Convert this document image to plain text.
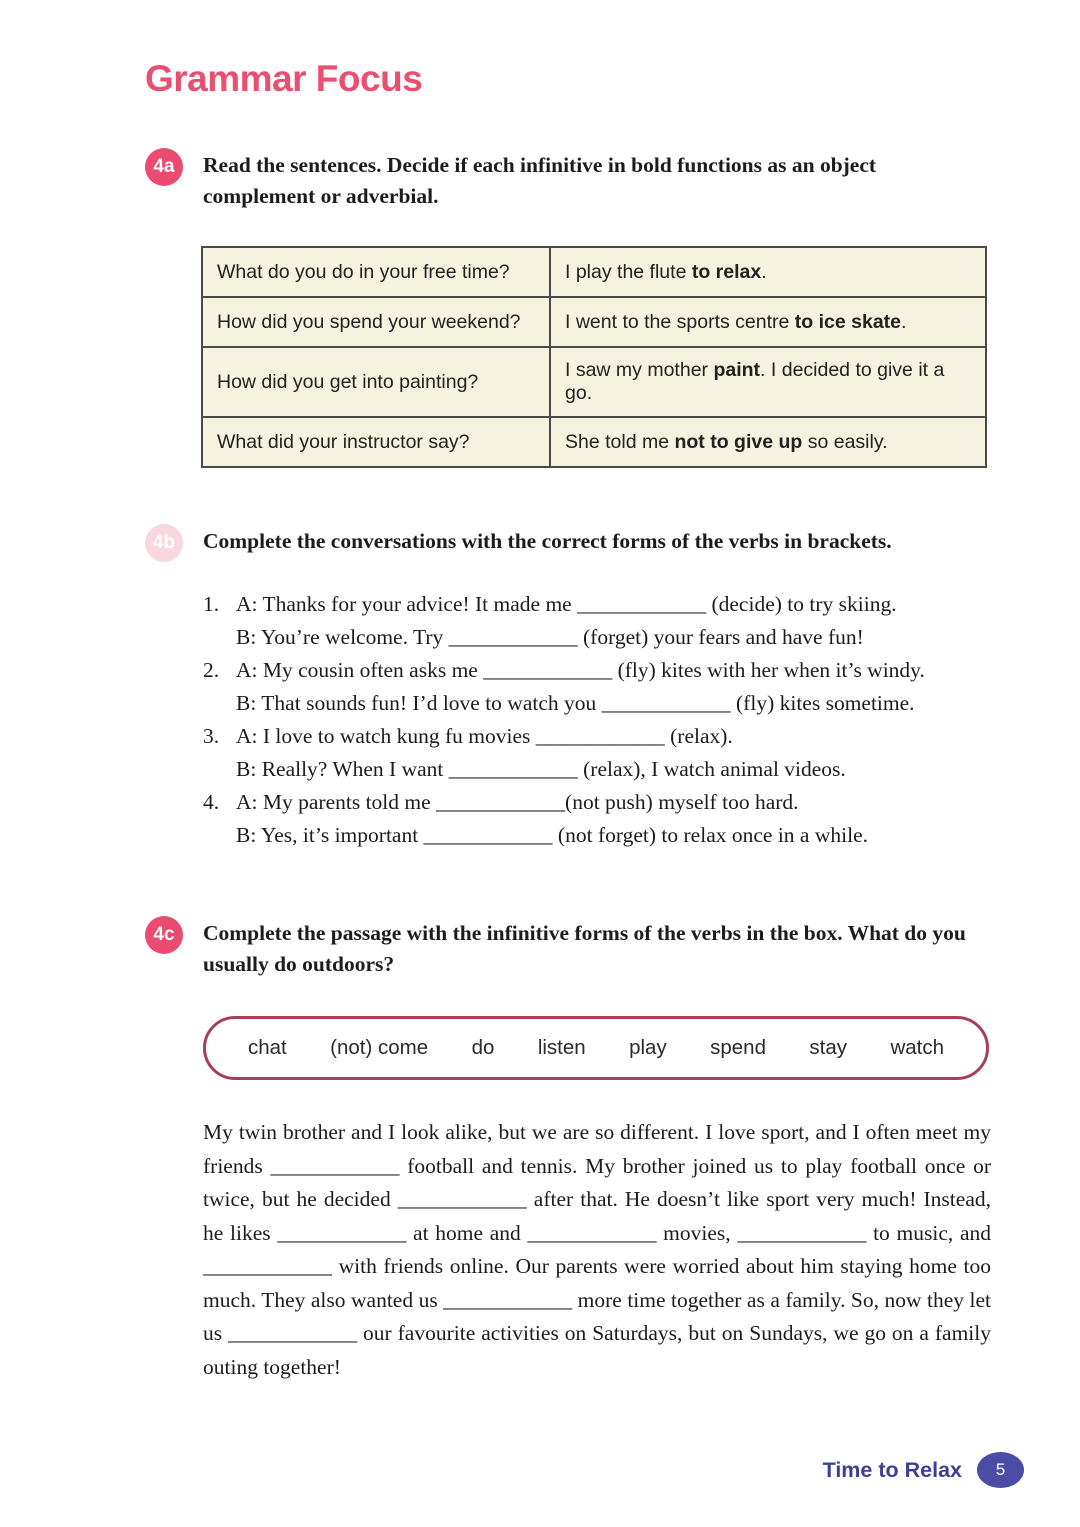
Grammar Focus
4a	Read the sentences. Decide if each infinitive in bold functions as an object complement or adverbial.

What do you do in your free time?	I play the flute to relax.
How did you spend your weekend?	I went to the sports centre to ice skate.
How did you get into painting?	I saw my mother paint. I decided to give it a go.
What did your instructor say?	She told me not to give up so easily.
4b	Complete the conversations with the correct forms of the verbs in brackets.

1. A: Thanks for your advice! It made me ____________ (decide) to try skiing.

B: You’re welcome. Try ____________ (forget) your fears and have fun!

2. A: My cousin often asks me ____________ (fly) kites with her when it’s windy.

B: That sounds fun! I’d love to watch you ____________ (fly) kites sometime.

3. A: I love to watch kung fu movies ____________ (relax).

B: Really? When I want ____________ (relax), I watch animal videos.

4. A: My parents told me ____________(not push) myself too hard.

B: Yes, it’s important ____________ (not forget) to relax once in a while.

4c	Complete the passage with the infinitive forms of the verbs in the box. What do you usually do outdoors?

chat (not) come do listen play spend stay watch

My twin brother and I look alike, but we are so different. I love sport, and I often meet my friends ____________ football and tennis. My brother joined us to play football once or twice, but he decided ____________ after that. He doesn’t like sport very much! Instead, he likes ____________ at home and ____________ movies, ____________ to music, and ____________ with friends online. Our parents were worried about him staying home too much. They also wanted us ____________ more time together as a family. So, now they let us ____________ our favourite activities on Saturdays, but on Sundays, we go on a family outing together!

Time to Relax	5
